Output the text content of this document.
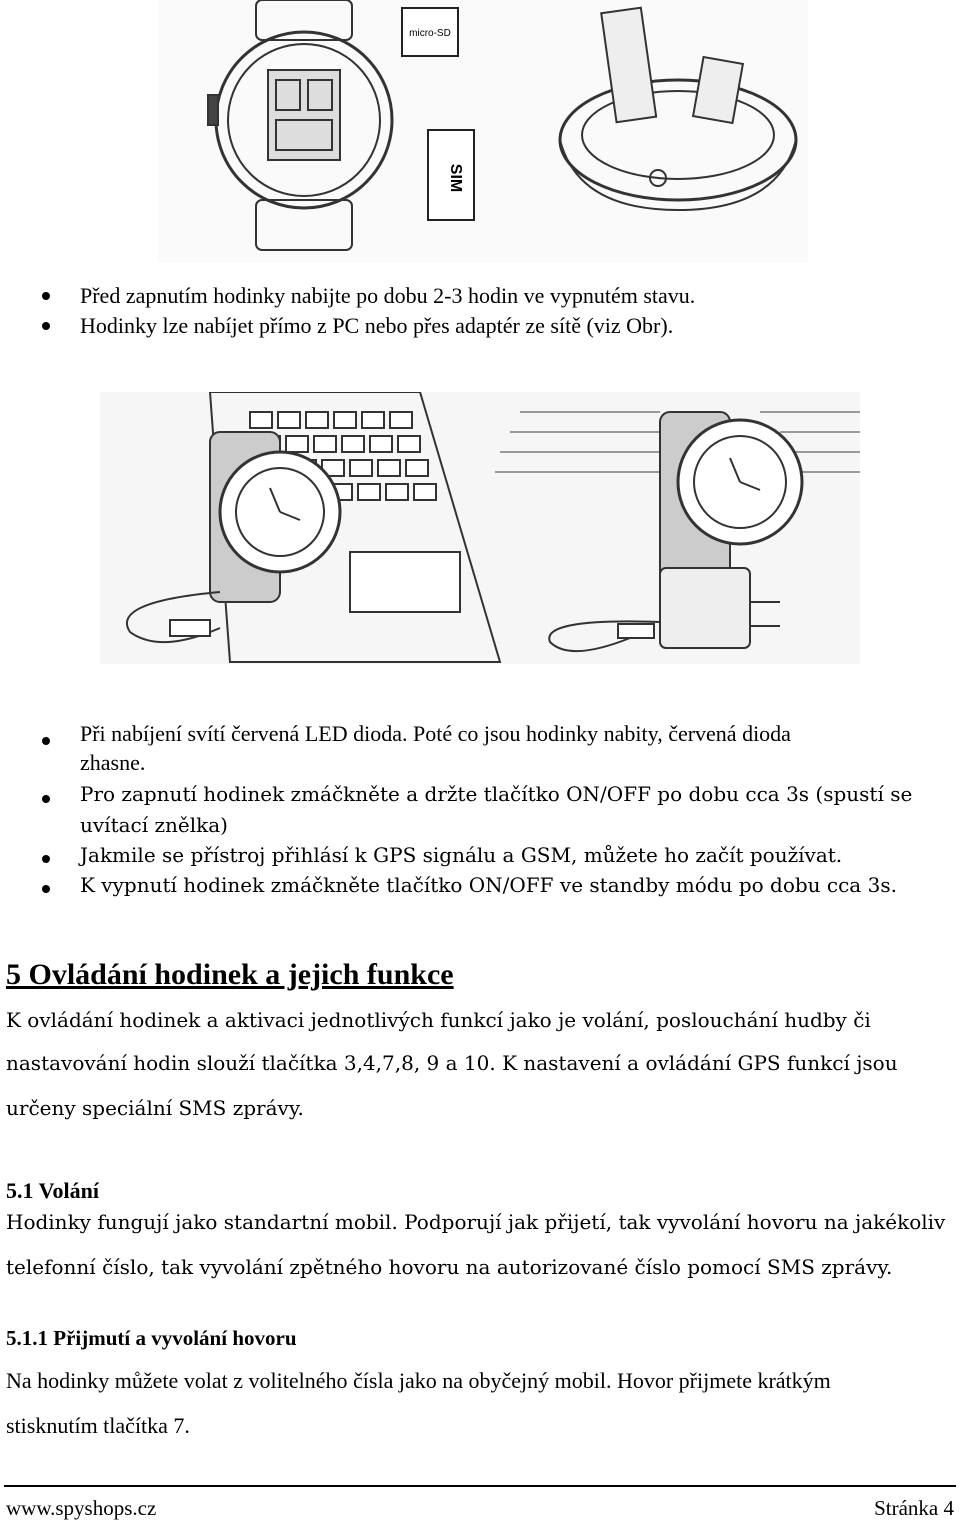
micro-SD
SIM
Před zapnutím hodinky nabijte po dobu 2-3 hodin ve vypnutém stavu.
Hodinky lze nabíjet přímo z PC nebo přes adaptér ze sítě (viz Obr).
Při nabíjení svítí červená LED dioda. Poté co jsou hodinky nabity, červená dioda
zhasne.
Pro zapnutí hodinek zmáčkněte a držte tlačítko ON/OFF po dobu cca 3s (spustí se
uvítací znělka)
Jakmile se přístroj přihlásí k GPS signálu a GSM, můžete ho začít používat.
K vypnutí hodinek zmáčkněte tlačítko ON/OFF ve standby módu po dobu cca 3s.
5 Ovládání hodinek a jejich funkce
K ovládání hodinek a aktivaci jednotlivých funkcí jako je volání, poslouchání hudby či
nastavování hodin slouží tlačítka 3,4,7,8, 9 a 10. K nastavení a ovládání GPS funkcí jsou
určeny speciální SMS zprávy.
5.1 Volání
Hodinky fungují jako standartní mobil. Podporují jak přijetí, tak vyvolání hovoru na jakékoliv
telefonní číslo, tak vyvolání zpětného hovoru na autorizované číslo pomocí SMS zprávy.
5.1.1 Přijmutí a vyvolání hovoru
Na hodinky můžete volat z volitelného čísla jako na obyčejný mobil. Hovor přijmete krátkým
stisknutím tlačítka 7.
www.spyshops.cz	Stránka 4
